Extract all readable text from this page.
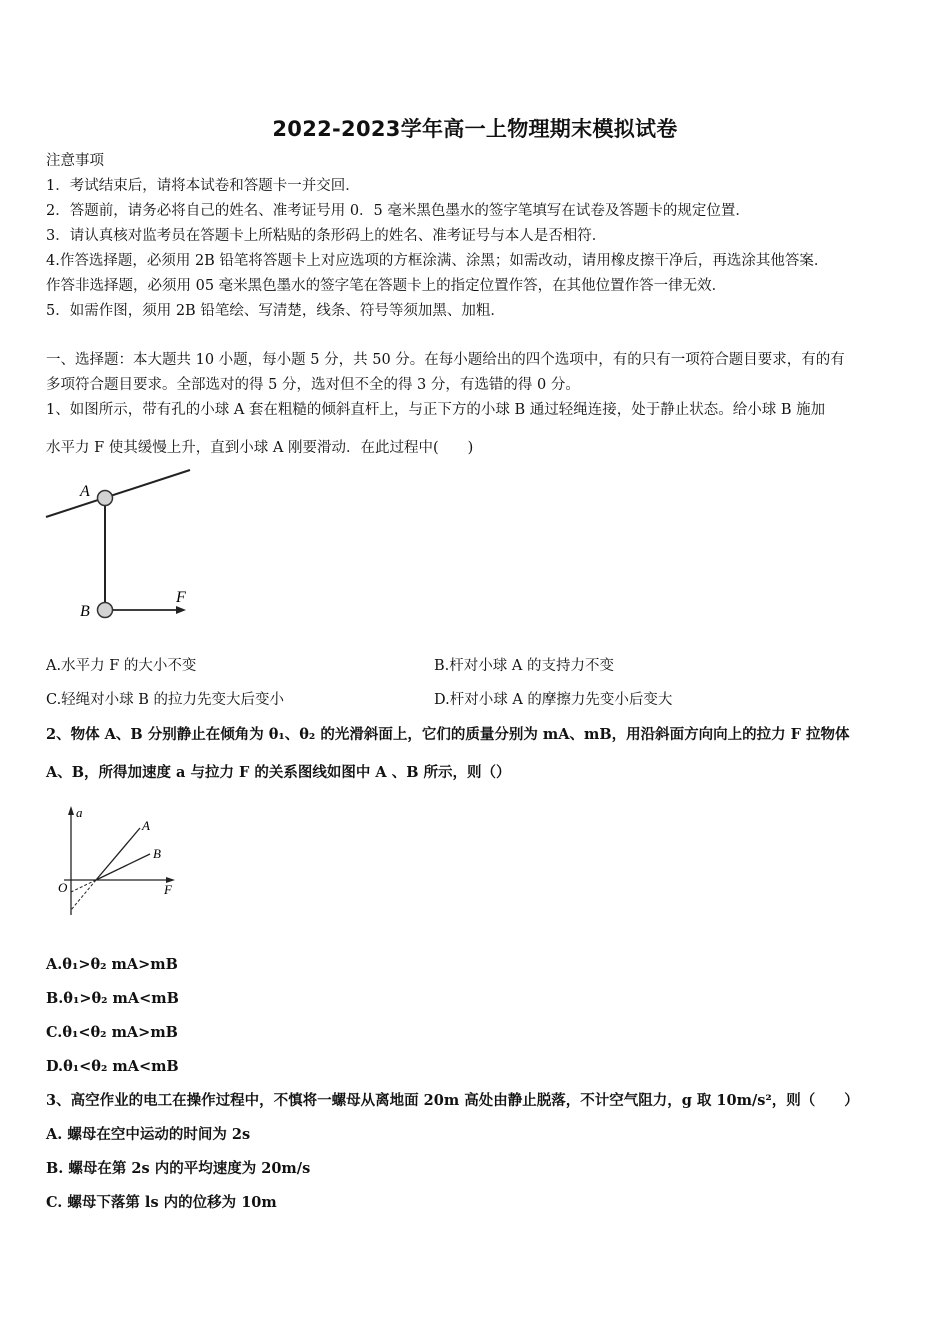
2022-2023学年高一上物理期末模拟试卷
注意事项
1．考试结束后，请将本试卷和答题卡一并交回．
2．答题前，请务必将自己的姓名、准考证号用 0．5 毫米黑色墨水的签字笔填写在试卷及答题卡的规定位置．
3．请认真核对监考员在答题卡上所粘贴的条形码上的姓名、准考证号与本人是否相符．
4.作答选择题，必须用 2B 铅笔将答题卡上对应选项的方框涂满、涂黑；如需改动，请用橡皮擦干净后，再选涂其他答案．
作答非选择题，必须用 05 毫米黑色墨水的签字笔在答题卡上的指定位置作答，在其他位置作答一律无效．
5．如需作图，须用 2B 铅笔绘、写清楚，线条、符号等须加黑、加粗．
一、选择题：本大题共 10 小题，每小题 5 分，共 50 分。在每小题给出的四个选项中，有的只有一项符合题目要求，有的有
多项符合题目要求。全部选对的得 5 分，选对但不全的得 3 分，有选错的得 0 分。
1、如图所示，带有孔的小球 A 套在粗糙的倾斜直杆上，与正下方的小球 B 通过轻绳连接，处于静止状态。给小球 B 施加
水平力 F 使其缓慢上升，直到小球 A 刚要滑动．在此过程中(　　)
A
B
F
A.水平力 F 的大小不变	B.杆对小球 A 的支持力不变
C.轻绳对小球 B 的拉力先变大后变小	D.杆对小球 A 的摩擦力先变小后变大
2、物体 A、B 分别静止在倾角为 θ₁、θ₂ 的光滑斜面上，它们的质量分别为 mA、mB，用沿斜面方向向上的拉力 F 拉物体
A、B，所得加速度 a 与拉力 F 的关系图线如图中 A 、B 所示，则（）
a
F
O
A
B
A.θ₁>θ₂ mA>mB
B.θ₁>θ₂ mA<mB
C.θ₁<θ₂ mA>mB
D.θ₁<θ₂ mA<mB
3、高空作业的电工在操作过程中，不慎将一螺母从离地面 20m 高处由静止脱落，不计空气阻力，g 取 10m/s²，则（　　）
A. 螺母在空中运动的时间为 2s
B. 螺母在第 2s 内的平均速度为 20m/s
C. 螺母下落第 ls 内的位移为 10m
